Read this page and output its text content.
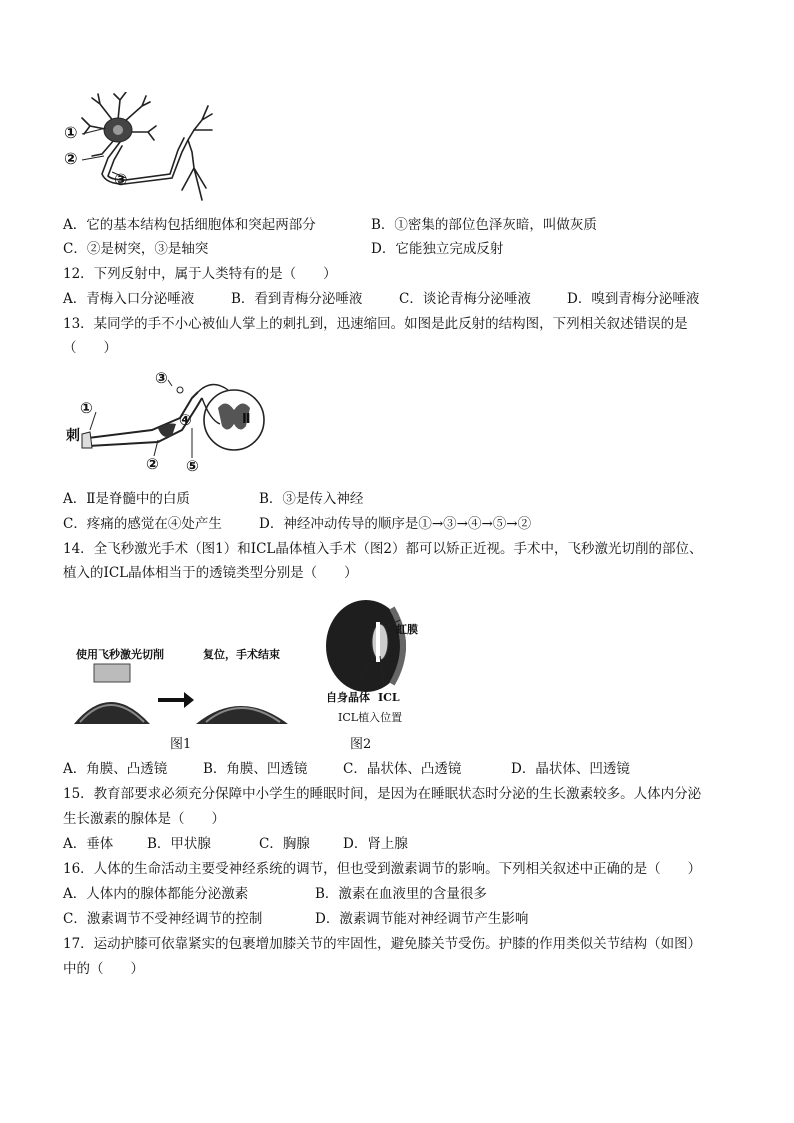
①
②
③
A．它的基本结构包括细胞体和突起两部分	B．①密集的部位色泽灰暗，叫做灰质
C．②是树突，③是轴突	D．它能独立完成反射
12．下列反射中，属于人类特有的是（　　）
A．青梅入口分泌唾液	B．看到青梅分泌唾液	C．谈论青梅分泌唾液	D．嗅到青梅分泌唾液
13．某同学的手不小心被仙人掌上的刺扎到，迅速缩回。如图是此反射的结构图，下列相关叙述错误的是
（　　）
①
②
③
④
⑤
Ⅱ
刺
A．Ⅱ是脊髓中的白质	B．③是传入神经
C．疼痛的感觉在④处产生	D．神经冲动传导的顺序是①→③→④→⑤→②
14．全飞秒激光手术（图1）和ICL晶体植入手术（图2）都可以矫正近视。手术中，飞秒激光切削的部位、
植入的ICL晶体相当于的透镜类型分别是（　　）
使用飞秒激光切削	复位，手术结束
图1
虹膜
自身晶体 ICL
ICL植入位置
图2
A．角膜、凸透镜	B．角膜、凹透镜	C．晶状体、凸透镜	D．晶状体、凹透镜
15．教育部要求必须充分保障中小学生的睡眠时间，是因为在睡眠状态时分泌的生长激素较多。人体内分泌
生长激素的腺体是（　　）
A．垂体	B．甲状腺	C．胸腺 D．肾上腺
16．人体的生命活动主要受神经系统的调节，但也受到激素调节的影响。下列相关叙述中正确的是（　　）
A．人体内的腺体都能分泌激素	B．激素在血液里的含量很多
C．激素调节不受神经调节的控制	D．激素调节能对神经调节产生影响
17．运动护膝可依靠紧实的包裹增加膝关节的牢固性，避免膝关节受伤。护膝的作用类似关节结构（如图）
中的（　　）
